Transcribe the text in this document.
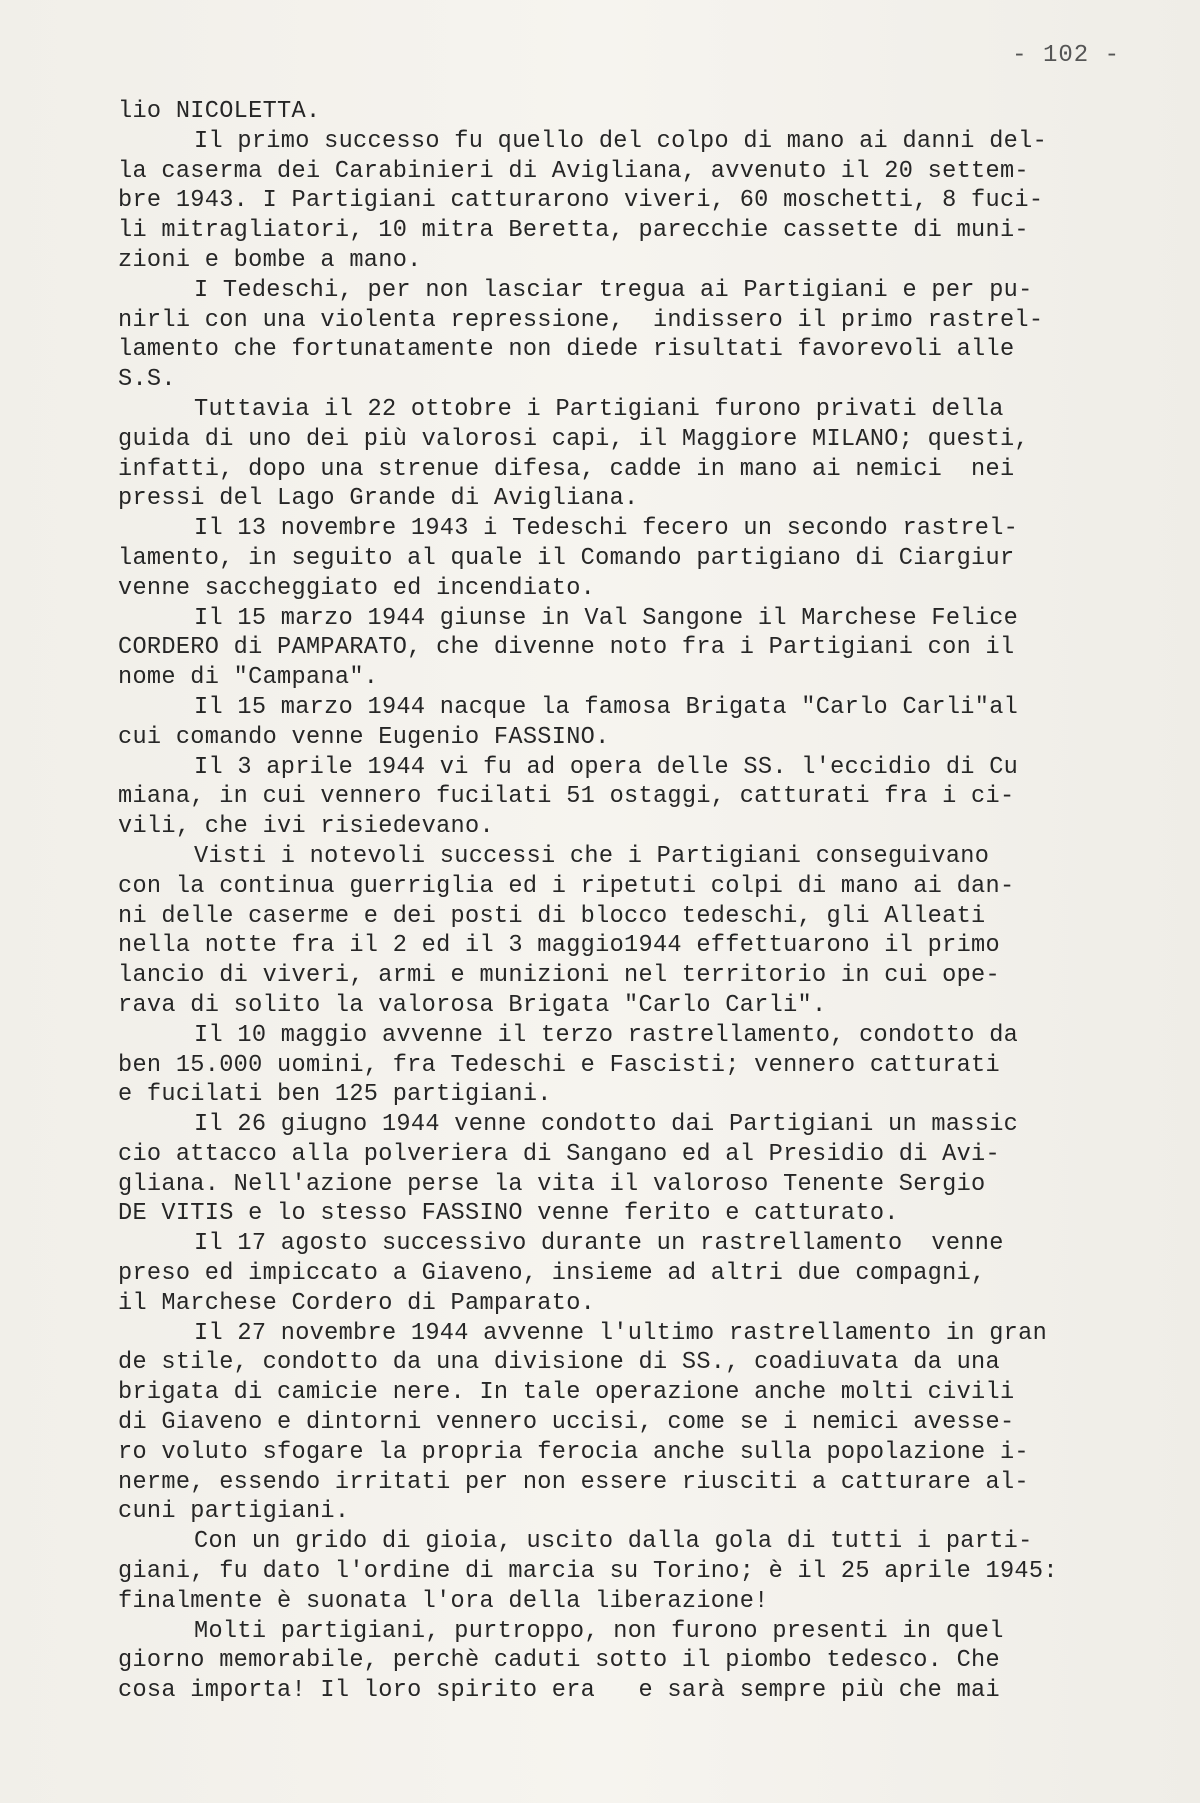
- 102 -
lio NICOLETTA.
Il primo successo fu quello del colpo di mano ai danni del-
la caserma dei Carabinieri di Avigliana, avvenuto il 20 settem-
bre 1943. I Partigiani catturarono viveri, 60 moschetti, 8 fuci-
li mitragliatori, 10 mitra Beretta, parecchie cassette di muni-
zioni e bombe a mano.
I Tedeschi, per non lasciar tregua ai Partigiani e per pu-
nirli con una violenta repressione,  indissero il primo rastrel-
lamento che fortunatamente non diede risultati favorevoli alle
S.S.
Tuttavia il 22 ottobre i Partigiani furono privati della
guida di uno dei più valorosi capi, il Maggiore MILANO; questi,
infatti, dopo una strenue difesa, cadde in mano ai nemici  nei
pressi del Lago Grande di Avigliana.
Il 13 novembre 1943 i Tedeschi fecero un secondo rastrel-
lamento, in seguito al quale il Comando partigiano di Ciargiur
venne saccheggiato ed incendiato.
Il 15 marzo 1944 giunse in Val Sangone il Marchese Felice
CORDERO di PAMPARATO, che divenne noto fra i Partigiani con il
nome di "Campana".
Il 15 marzo 1944 nacque la famosa Brigata "Carlo Carli"al
cui comando venne Eugenio FASSINO.
Il 3 aprile 1944 vi fu ad opera delle SS. l'eccidio di Cu
miana, in cui vennero fucilati 51 ostaggi, catturati fra i ci-
vili, che ivi risiedevano.
Visti i notevoli successi che i Partigiani conseguivano
con la continua guerriglia ed i ripetuti colpi di mano ai dan-
ni delle caserme e dei posti di blocco tedeschi, gli Alleati
nella notte fra il 2 ed il 3 maggio1944 effettuarono il primo
lancio di viveri, armi e munizioni nel territorio in cui ope-
rava di solito la valorosa Brigata "Carlo Carli".
Il 10 maggio avvenne il terzo rastrellamento, condotto da
ben 15.000 uomini, fra Tedeschi e Fascisti; vennero catturati
e fucilati ben 125 partigiani.
Il 26 giugno 1944 venne condotto dai Partigiani un massic
cio attacco alla polveriera di Sangano ed al Presidio di Avi-
gliana. Nell'azione perse la vita il valoroso Tenente Sergio
DE VITIS e lo stesso FASSINO venne ferito e catturato.
Il 17 agosto successivo durante un rastrellamento  venne
preso ed impiccato a Giaveno, insieme ad altri due compagni,
il Marchese Cordero di Pamparato.
Il 27 novembre 1944 avvenne l'ultimo rastrellamento in gran
de stile, condotto da una divisione di SS., coadiuvata da una
brigata di camicie nere. In tale operazione anche molti civili
di Giaveno e dintorni vennero uccisi, come se i nemici avesse-
ro voluto sfogare la propria ferocia anche sulla popolazione i-
nerme, essendo irritati per non essere riusciti a catturare al-
cuni partigiani.
Con un grido di gioia, uscito dalla gola di tutti i parti-
giani, fu dato l'ordine di marcia su Torino; è il 25 aprile 1945:
finalmente è suonata l'ora della liberazione!
Molti partigiani, purtroppo, non furono presenti in quel
giorno memorabile, perchè caduti sotto il piombo tedesco. Che
cosa importa! Il loro spirito era   e sarà sempre più che mai
